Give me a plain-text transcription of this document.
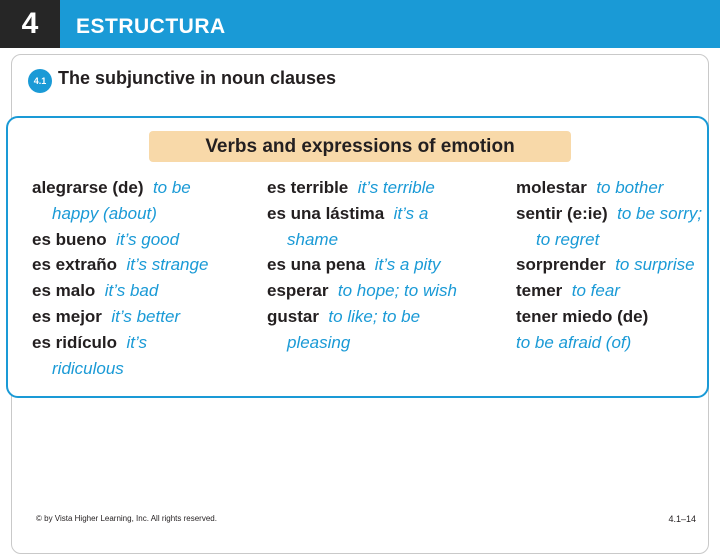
4	ESTRUCTURA
4.1 The subjunctive in noun clauses
Verbs and expressions of emotion
alegrarse (de) to be
happy (about)
es bueno it’s good
es extraño it’s strange
es malo it’s bad
es mejor it’s better
es ridículo it’s
ridiculous
es terrible it’s terrible
es una lástima it’s a
shame
es una pena it’s a pity
esperar to hope; to wish
gustar to like; to be
pleasing
molestar to bother
sentir (e:ie) to be sorry;
to regret
sorprender to surprise
temer to fear
tener miedo (de)
to be afraid (of)
© by Vista Higher Learning, Inc. All rights reserved.	4.1–14
